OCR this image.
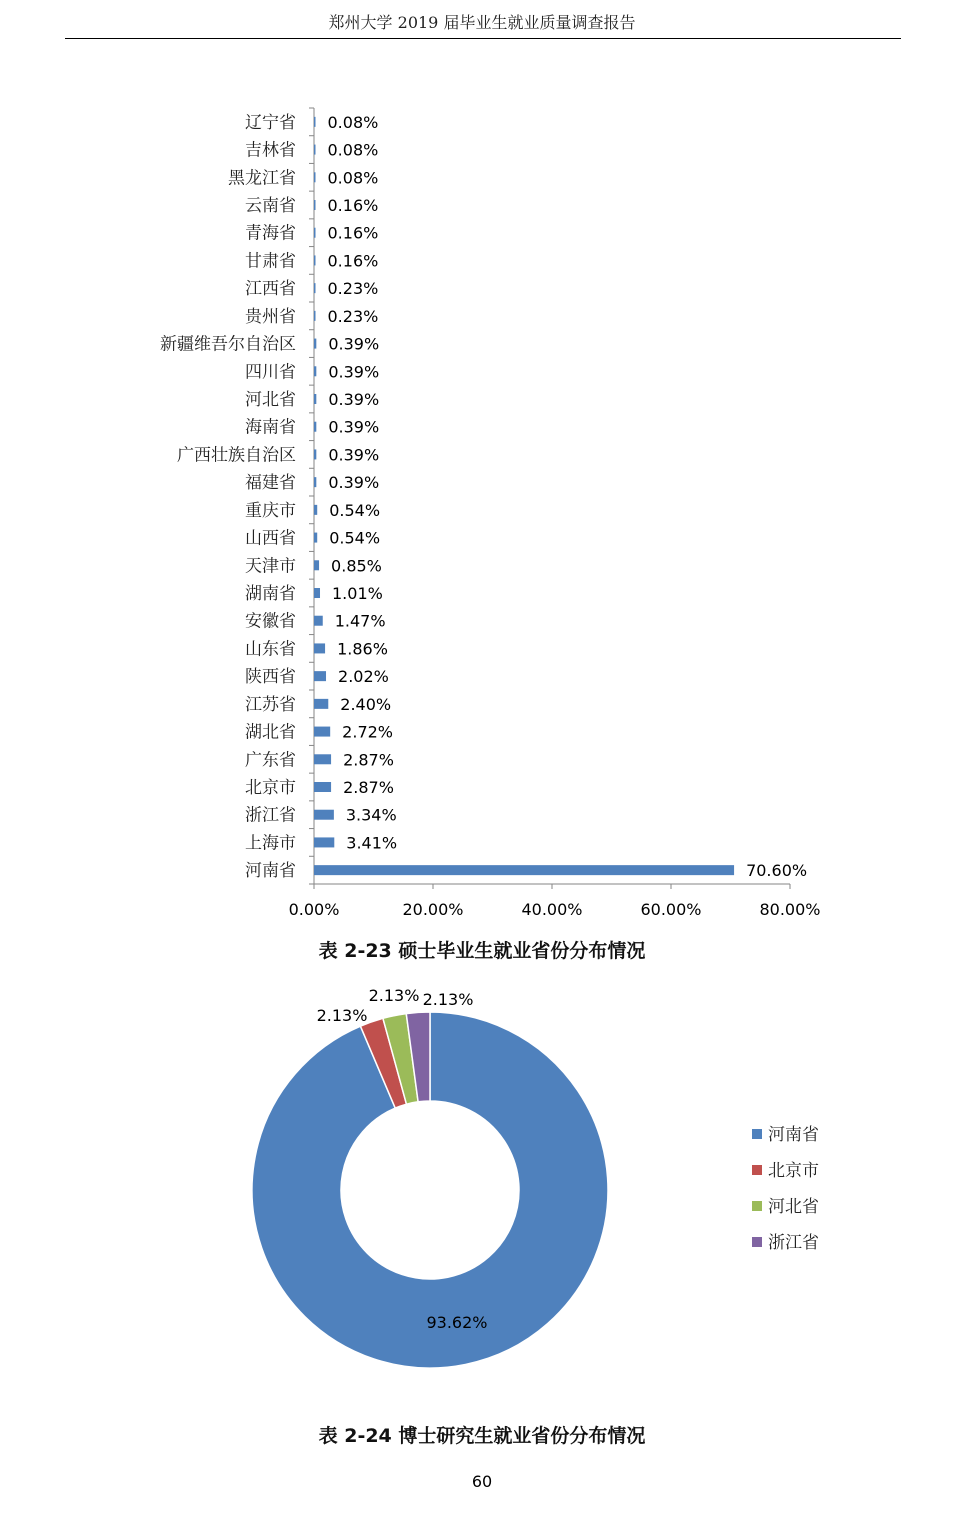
郑州大学 2019 届毕业生就业质量调查报告
0.00%	20.00%	40.00%	60.00%	80.00%
辽宁省 0.08%
吉林省 0.08%
黑龙江省 0.08%
云南省 0.16%
青海省 0.16%
甘肃省 0.16%
江西省 0.23%
贵州省 0.23%
新疆维吾尔自治区 0.39%
四川省 0.39%
河北省 0.39%
海南省 0.39%
广西壮族自治区 0.39%
福建省 0.39%
重庆市 0.54%
山西省 0.54%
天津市 0.85%
湖南省 1.01%
安徽省 1.47%
山东省	1.86%
陕西省	2.02%
江苏省	2.40%
湖北省	2.72%
广东省	2.87%
北京市	2.87%
浙江省	3.34%
上海市	3.41%
河南省	70.60%
表 2-23 硕士毕业生就业省份分布情况
93.62%
2.13%
2.13% 2.13%
河南省
北京市
河北省
浙江省
表 2-24 博士研究生就业省份分布情况
60
